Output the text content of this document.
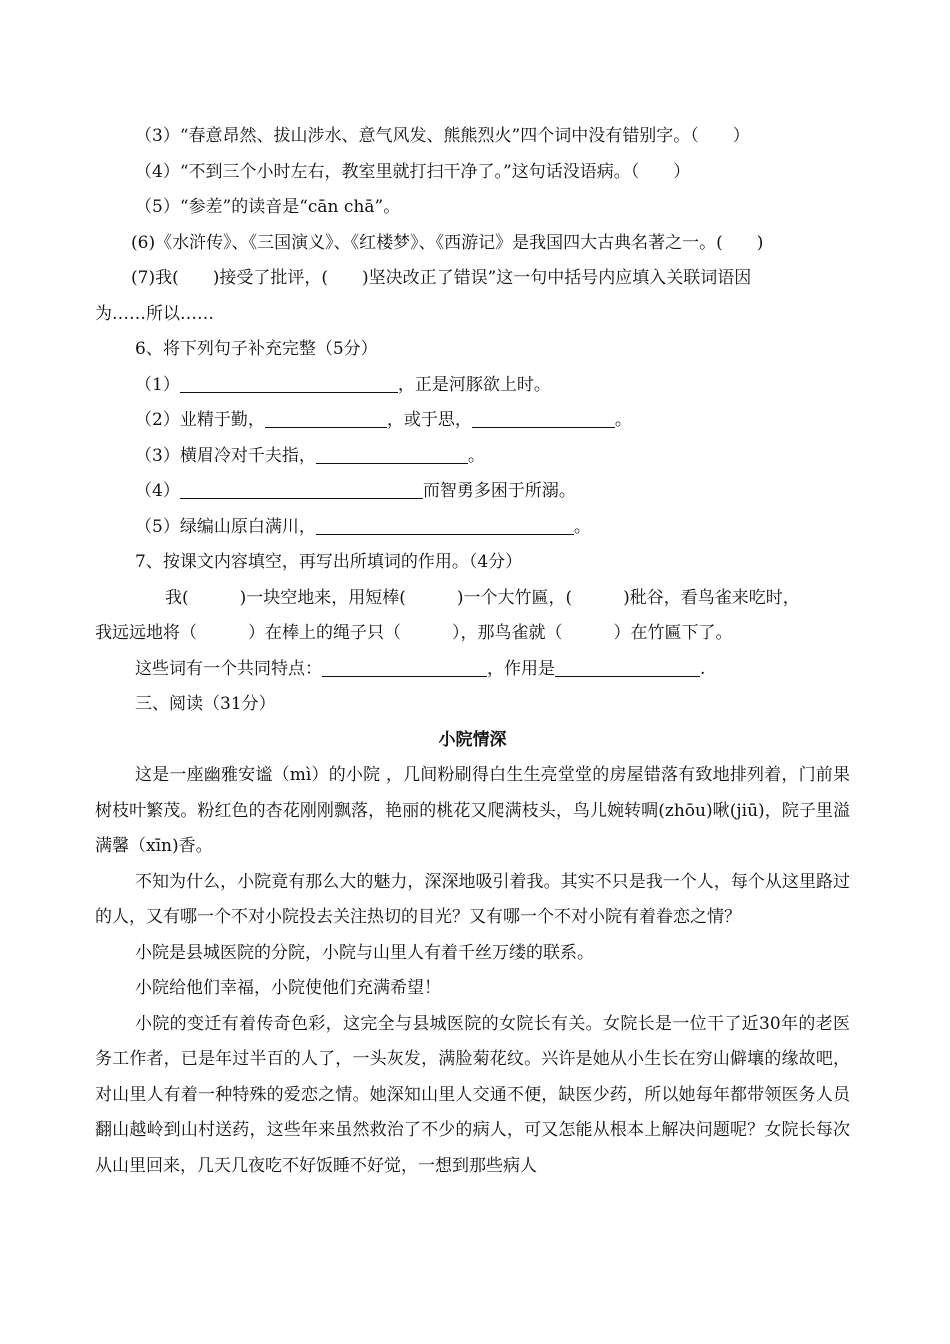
（3）“春意昂然、拔山涉水、意气风发、熊熊烈火”四个词中没有错别字。（　　）
（4）“不到三个小时左右，教室里就打扫干净了。”这句话没语病。（　　）
（5）“参差”的读音是“cān chā”。
(6)《水浒传》、《三国演义》、《红楼梦》、《西游记》是我国四大古典名著之一。(　　)
(7)我(　　)接受了批评，(　　)坚决改正了错误”这一句中括号内应填入关联词语因
为……所以……
6、将下列句子补充完整（5分）
（1）	，正是河豚欲上时。
（2）业精于勤，	，或于思，	。
（3）横眉冷对千夫指，	。
（4）	而智勇多困于所溺。
（5）绿编山原白满川，	。
7、按课文内容填空，再写出所填词的作用。（4分）
我(　　　)一块空地来，用短棒(　　　)一个大竹匾，(　　　)秕谷，看鸟雀来吃时，
我远远地将（　　　）在棒上的绳子只（　　　），那鸟雀就（　　　）在竹匾下了。
这些词有一个共同特点：	，作用是	.
三、阅读（31分）
小院情深
这是一座幽雅安谧（mì）的小院 ，几间粉刷得白生生亮堂堂的房屋错落有致地排列着，门前果树枝叶繁茂。粉红色的杏花刚刚飘落，艳丽的桃花又爬满枝头，鸟儿婉转啁(zhōu)啾(jiū)，院子里溢满馨（xīn)香。
不知为什么，小院竟有那么大的魅力，深深地吸引着我。其实不只是我一个人，每个从这里路过的人，又有哪一个不对小院投去关注热切的目光？又有哪一个不对小院有着眷恋之情？
小院是县城医院的分院，小院与山里人有着千丝万缕的联系。
小院给他们幸福，小院使他们充满希望！
小院的变迁有着传奇色彩，这完全与县城医院的女院长有关。女院长是一位干了近30年的老医务工作者，已是年过半百的人了，一头灰发，满脸菊花纹。兴许是她从小生长在穷山僻壤的缘故吧，对山里人有着一种特殊的爱恋之情。她深知山里人交通不便，缺医少药，所以她每年都带领医务人员翻山越岭到山村送药，这些年来虽然救治了不少的病人，可又怎能从根本上解决问题呢？女院长每次从山里回来，几天几夜吃不好饭睡不好觉，一想到那些病人
